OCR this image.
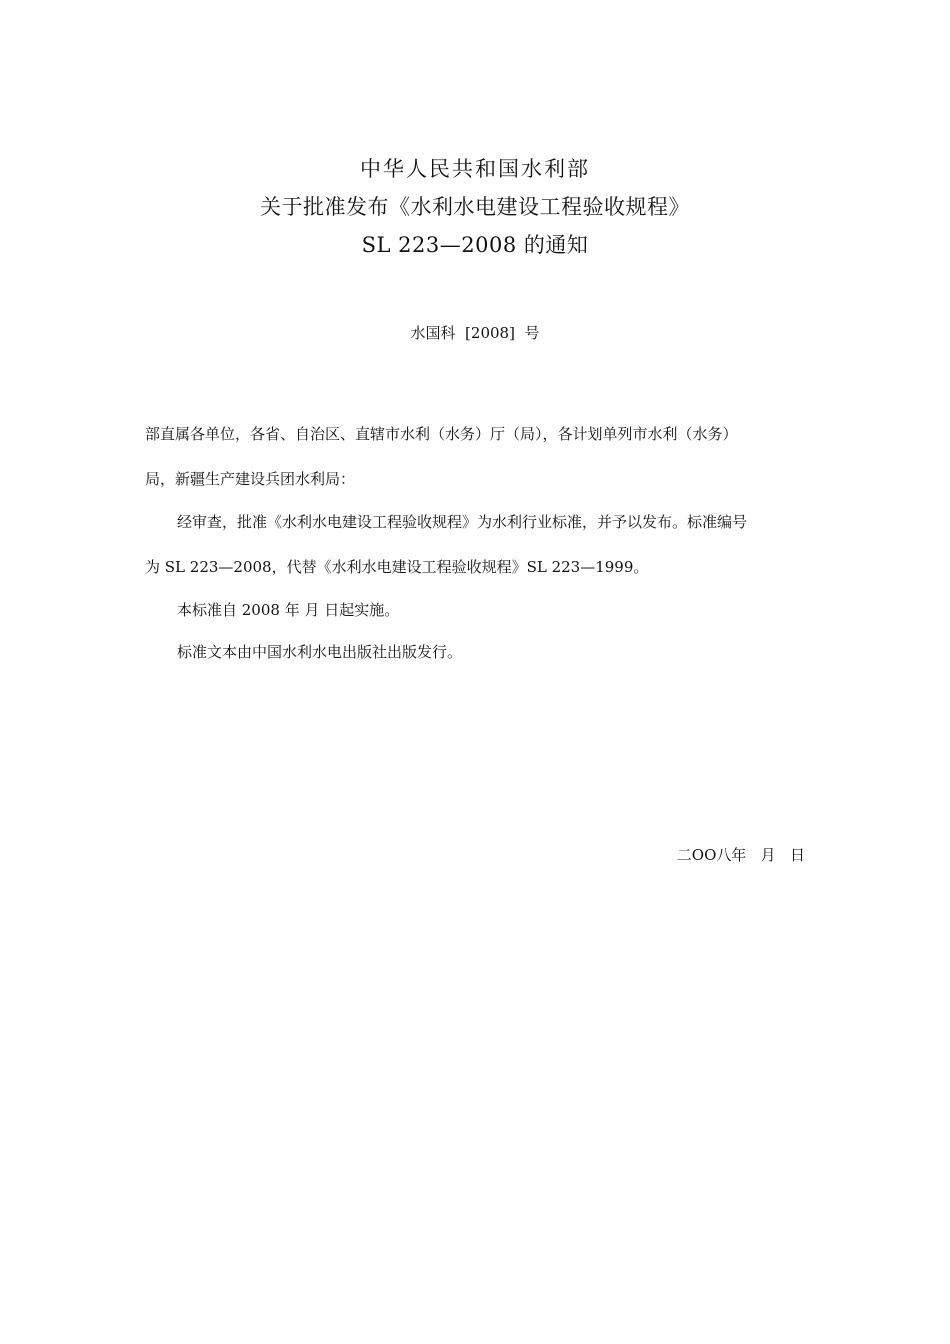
中华人民共和国水利部
关于批准发布《水利水电建设工程验收规程》
SL 223—2008 的通知
水国科  [2008]  号

部直属各单位，各省、自治区、直辖市水利（水务）厅（局），各计划单列市水利（水务）

局，新疆生产建设兵团水利局：

经审查，批准《水利水电建设工程验收规程》为水利行业标准，并予以发布。标准编号

为 SL 223—2008，代替《水利水电建设工程验收规程》SL 223—1999。

本标准自 2008 年 月 日起实施。

标准文本由中国水利水电出版社出版发行。

二OO八年   月   日
